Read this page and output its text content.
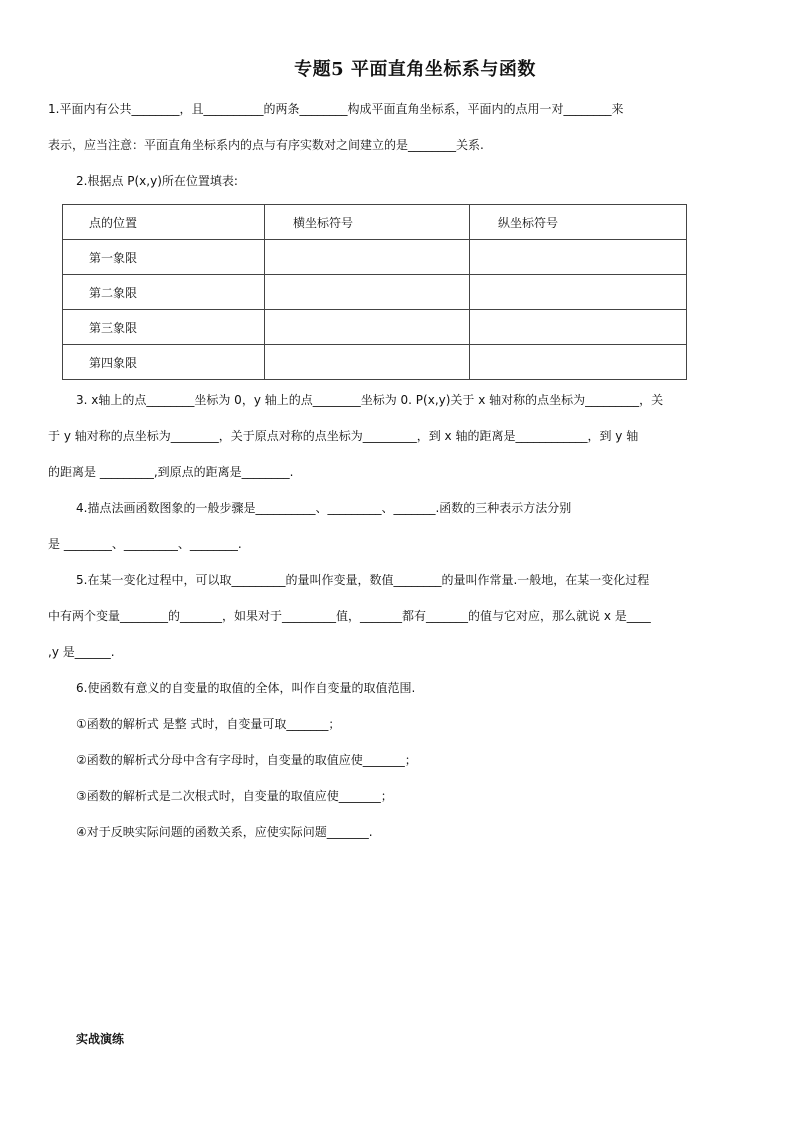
专题5 平面直角坐标系与函数
1.平面内有公共________，且__________的两条________构成平面直角坐标系，平面内的点用一对________来
表示，应当注意：平面直角坐标系内的点与有序实数对之间建立的是________关系.
2.根据点 P(x,y)所在位置填表:
点的位置	横坐标符号	纵坐标符号
第一象限		
第二象限		
第三象限		
第四象限		
3. x轴上的点________坐标为 0，y 轴上的点________坐标为 0. P(x,y)关于 x 轴对称的点坐标为_________，关
于 y 轴对称的点坐标为________，关于原点对称的点坐标为_________，到 x 轴的距离是____________，到 y 轴
的距离是 _________,到原点的距离是________.
4.描点法画函数图象的一般步骤是__________、_________、_______.函数的三种表示方法分别
是 ________、_________、________.
5.在某一变化过程中，可以取_________的量叫作变量，数值________的量叫作常量.一般地，在某一变化过程
中有两个变量________的_______，如果对于_________值，_______都有_______的值与它对应，那么就说 x 是____
,y 是______.
6.使函数有意义的自变量的取值的全体，叫作自变量的取值范围.
①函数的解析式 是整 式时，自变量可取_______；
②函数的解析式分母中含有字母时，自变量的取值应使_______；
③函数的解析式是二次根式时，自变量的取值应使_______；
④对于反映实际问题的函数关系，应使实际问题_______.
实战演练
